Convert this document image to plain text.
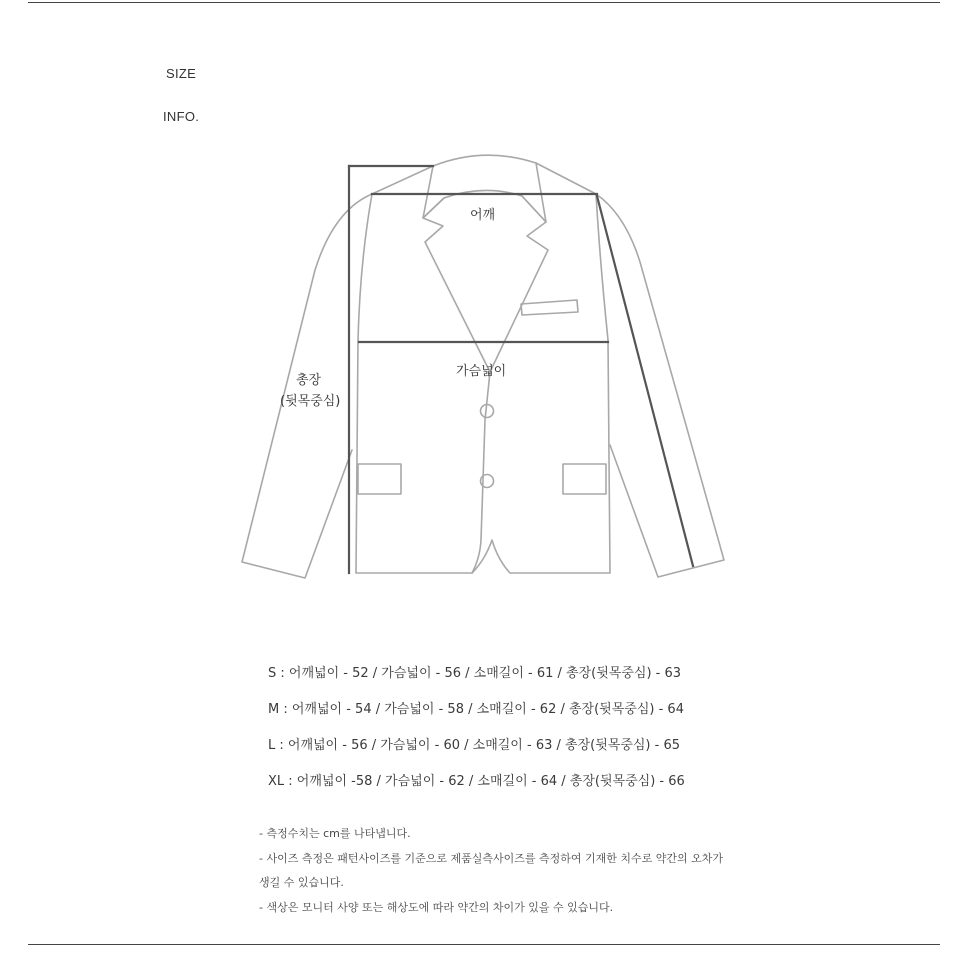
SIZE
INFO.
어깨
가슴넓이
총장
(뒷목중심)
S : 어깨넓이 - 52 / 가슴넓이 - 56 / 소매길이 - 61 / 총장(뒷목중심) - 63
M : 어깨넓이 - 54 / 가슴넓이 - 58 / 소매길이 - 62 / 총장(뒷목중심) - 64
L : 어깨넓이 - 56 / 가슴넓이 - 60 / 소매길이 - 63 / 총장(뒷목중심) - 65
XL : 어깨넓이 -58 / 가슴넓이 - 62 / 소매길이 - 64 / 총장(뒷목중심) - 66
- 측정수치는 cm를 나타냅니다.
- 사이즈 측정은 패턴사이즈를 기준으로 제품실측사이즈를 측정하여 기재한 치수로 약간의 오차가
생길 수 있습니다.
- 색상은 모니터 사양 또는 해상도에 따라 약간의 차이가 있을 수 있습니다.
